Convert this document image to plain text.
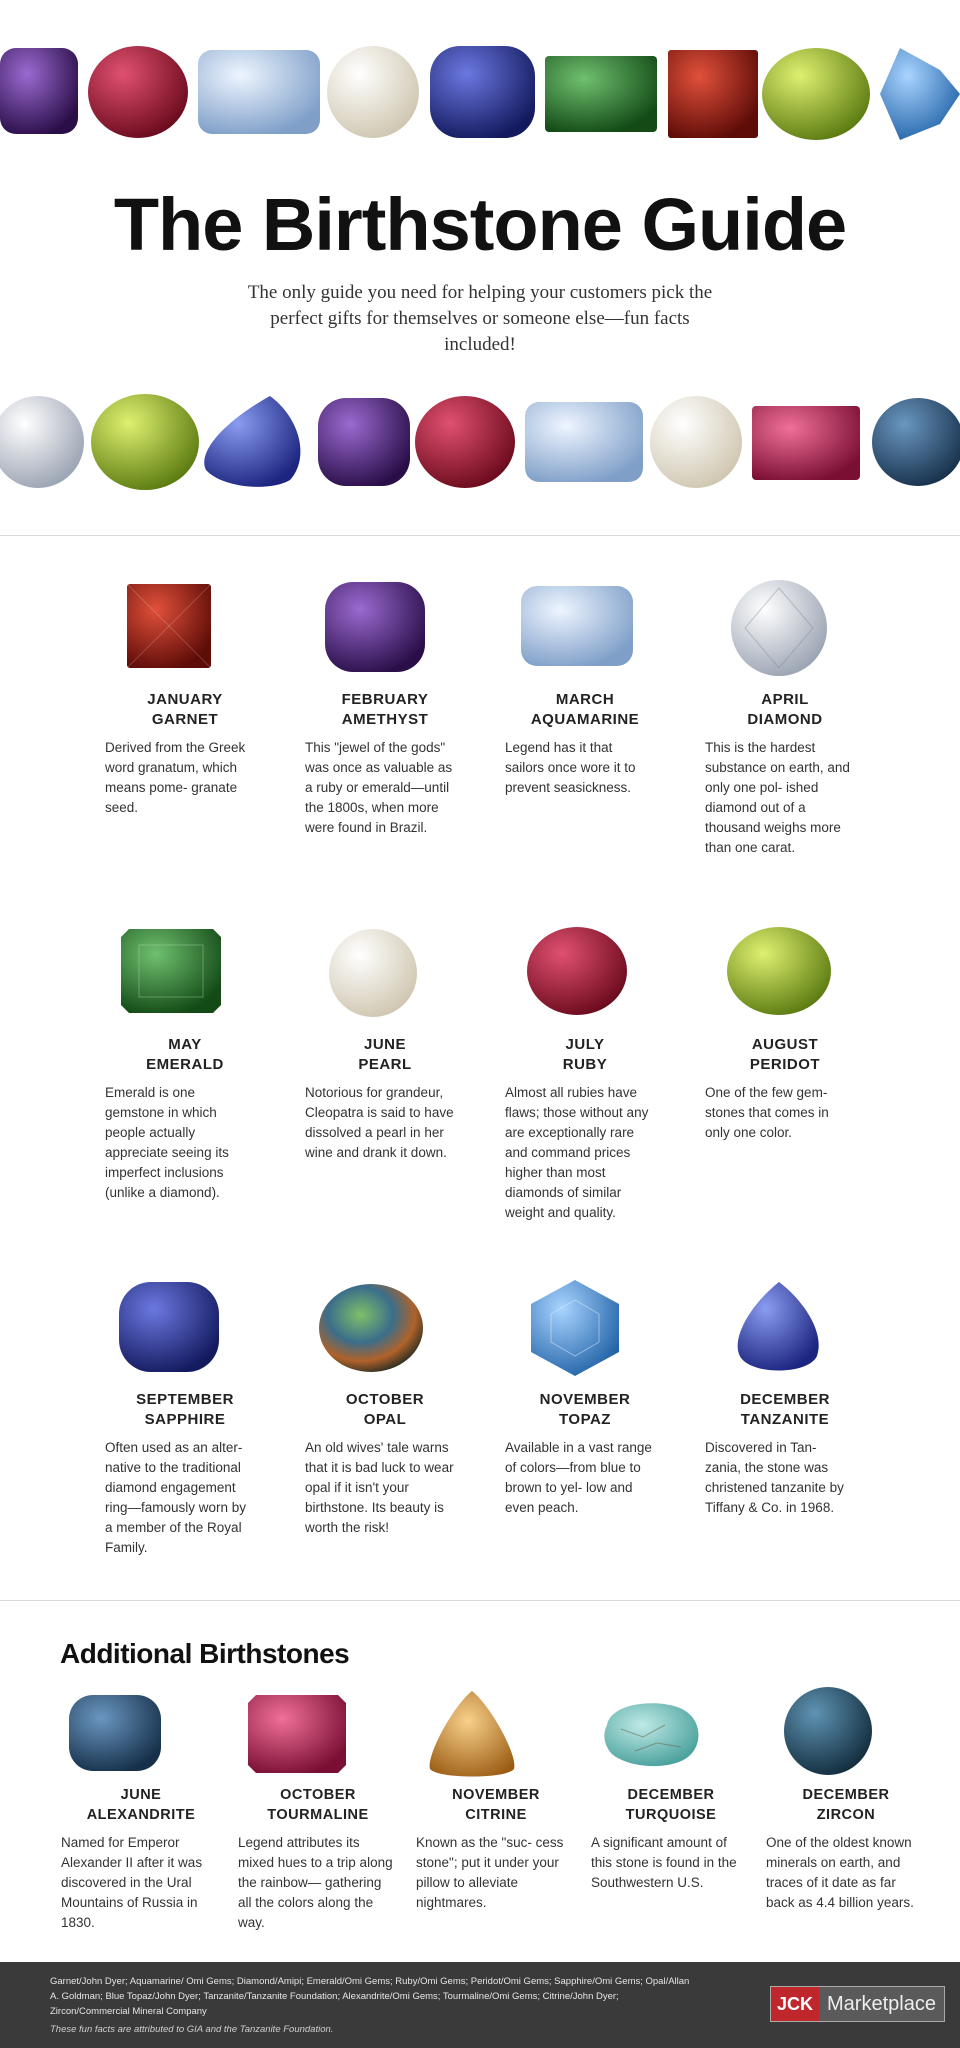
The Birthstone Guide
The only guide you need for helping your customers pick the perfect gifts for themselves or someone else—fun facts included!
JANUARY
GARNET
Derived from the Greek word granatum, which means pome- granate seed.
FEBRUARY
AMETHYST
This "jewel of the gods" was once as valuable as a ruby or emerald—until the 1800s, when more were found in Brazil.
MARCH
AQUAMARINE
Legend has it that sailors once wore it to prevent seasickness.
APRIL
DIAMOND
This is the hardest substance on earth, and only one pol- ished diamond out of a thousand weighs more than one carat.
MAY
EMERALD
Emerald is one gemstone in which people actually appreciate seeing its imperfect inclusions (unlike a diamond).
JUNE
PEARL
Notorious for grandeur, Cleopatra is said to have dissolved a pearl in her wine and drank it down.
JULY
RUBY
Almost all rubies have flaws; those without any are exceptionally rare and command prices higher than most diamonds of similar weight and quality.
AUGUST
PERIDOT
One of the few gem- stones that comes in only one color.
SEPTEMBER
SAPPHIRE
Often used as an alter- native to the traditional diamond engagement ring—famously worn by a member of the Royal Family.
OCTOBER
OPAL
An old wives' tale warns that it is bad luck to wear opal if it isn't your birthstone. Its beauty is worth the risk!
NOVEMBER
TOPAZ
Available in a vast range of colors—from blue to brown to yel- low and even peach.
DECEMBER
TANZANITE
Discovered in Tan- zania, the stone was christened tanzanite by Tiffany & Co. in 1968.
Additional Birthstones
JUNE
ALEXANDRITE
Named for Emperor Alexander II after it was discovered in the Ural Mountains of Russia in 1830.
OCTOBER
TOURMALINE
Legend attributes its mixed hues to a trip along the rainbow— gathering all the colors along the way.
NOVEMBER
CITRINE
Known as the "suc- cess stone"; put it under your pillow to alleviate nightmares.
DECEMBER
TURQUOISE
A significant amount of this stone is found in the Southwestern U.S.
DECEMBER
ZIRCON
One of the oldest known minerals on earth, and traces of it date as far back as 4.4 billion years.
Garnet/John Dyer; Aquamarine/ Omi Gems; Diamond/Amipi; Emerald/Omi Gems; Ruby/Omi Gems; Peridot/Omi Gems; Sapphire/Omi Gems; Opal/Allan A. Goldman; Blue Topaz/John Dyer; Tanzanite/Tanzanite Foundation; Alexandrite/Omi Gems; Tourmaline/Omi Gems; Citrine/John Dyer; Zircon/Commercial Mineral Company
These fun facts are attributed to GIA and the Tanzanite Foundation.
JCK Marketplace
